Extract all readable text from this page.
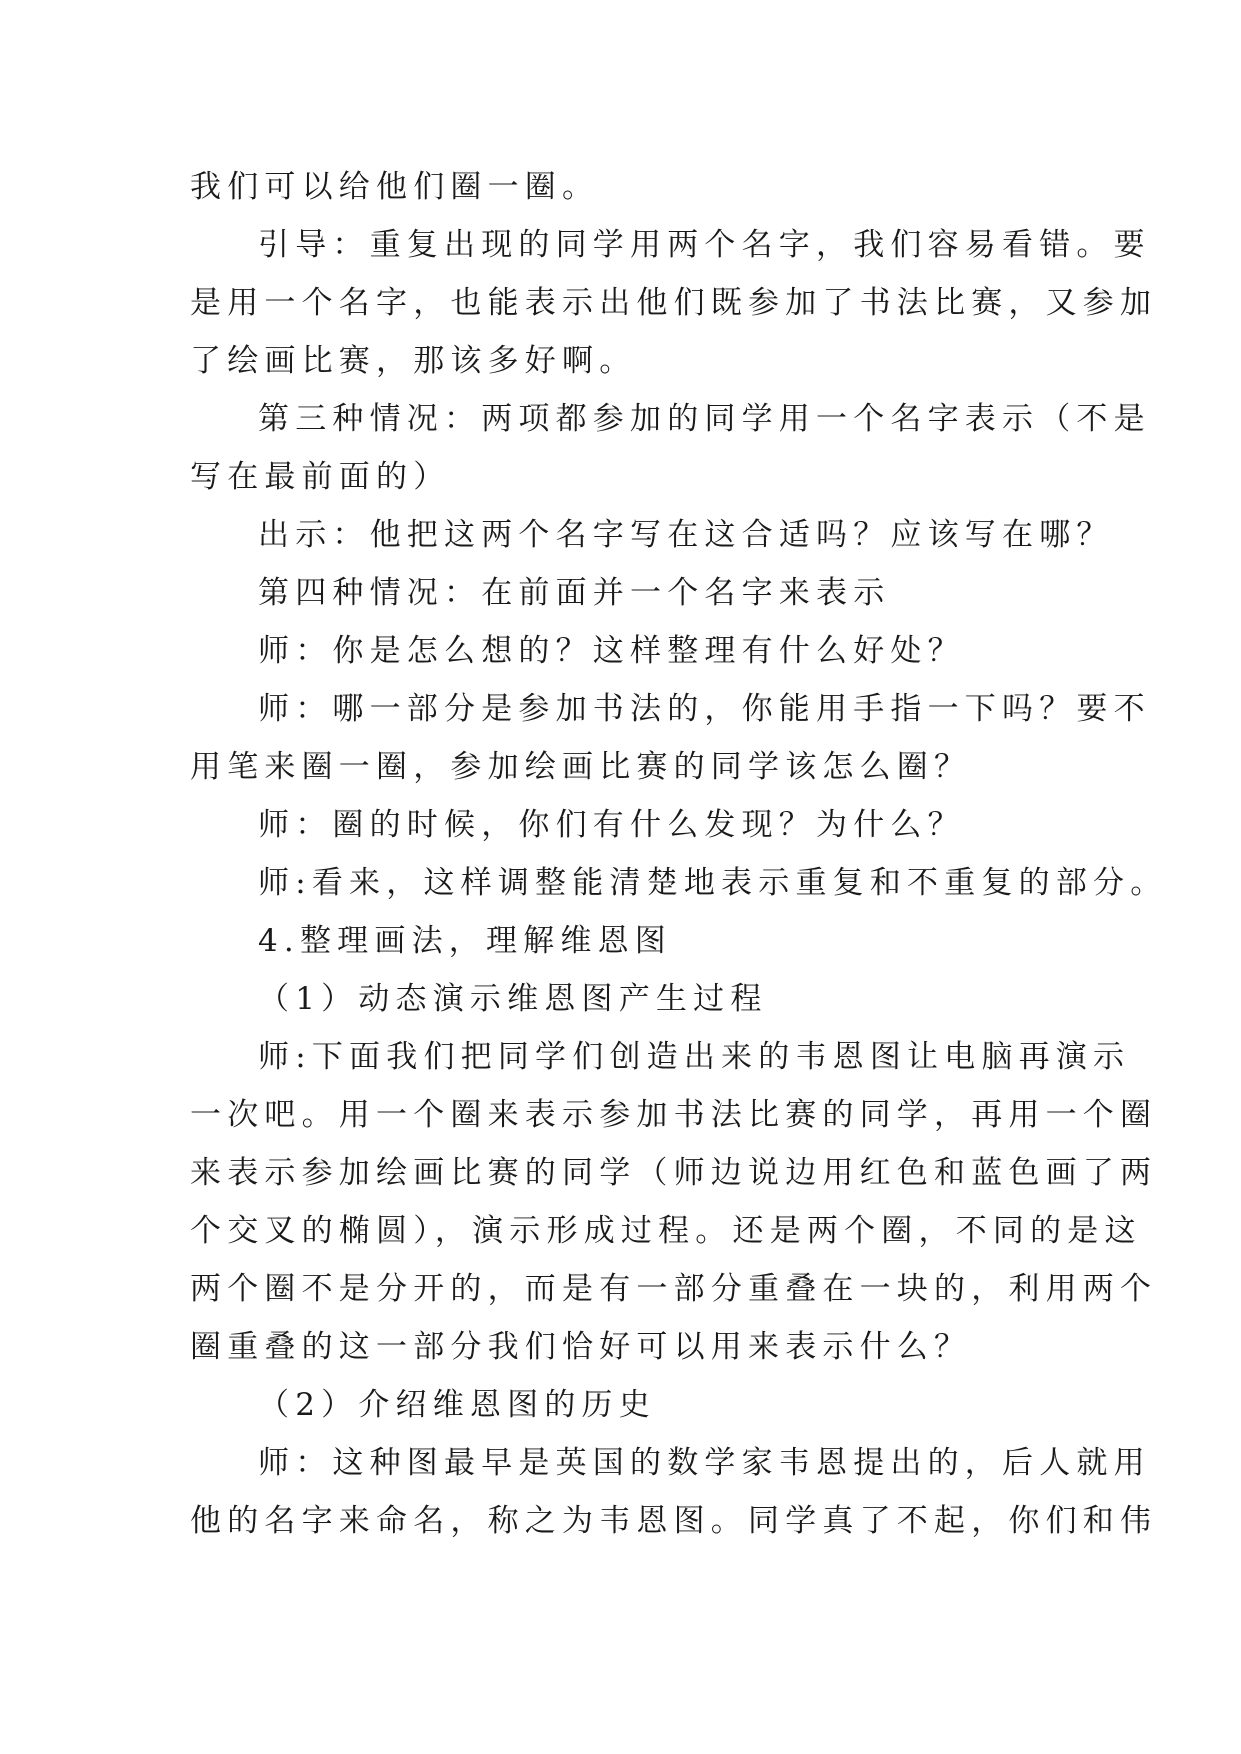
我们可以给他们圈一圈。
引导：重复出现的同学用两个名字，我们容易看错。要
是用一个名字，也能表示出他们既参加了书法比赛，又参加
了绘画比赛，那该多好啊。
第三种情况：两项都参加的同学用一个名字表示（不是
写在最前面的）
出示：他把这两个名字写在这合适吗？应该写在哪？
第四种情况：在前面并一个名字来表示
师：你是怎么想的？这样整理有什么好处？
师：哪一部分是参加书法的，你能用手指一下吗？要不
用笔来圈一圈，参加绘画比赛的同学该怎么圈？
师：圈的时候，你们有什么发现？为什么？
师:看来，这样调整能清楚地表示重复和不重复的部分。
4.整理画法，理解维恩图
（1）动态演示维恩图产生过程
师:下面我们把同学们创造出来的韦恩图让电脑再演示
一次吧。用一个圈来表示参加书法比赛的同学，再用一个圈
来表示参加绘画比赛的同学（师边说边用红色和蓝色画了两
个交叉的椭圆），演示形成过程。还是两个圈，不同的是这
两个圈不是分开的，而是有一部分重叠在一块的，利用两个
圈重叠的这一部分我们恰好可以用来表示什么？
（2）介绍维恩图的历史
师：这种图最早是英国的数学家韦恩提出的，后人就用
他的名字来命名，称之为韦恩图。同学真了不起，你们和伟
